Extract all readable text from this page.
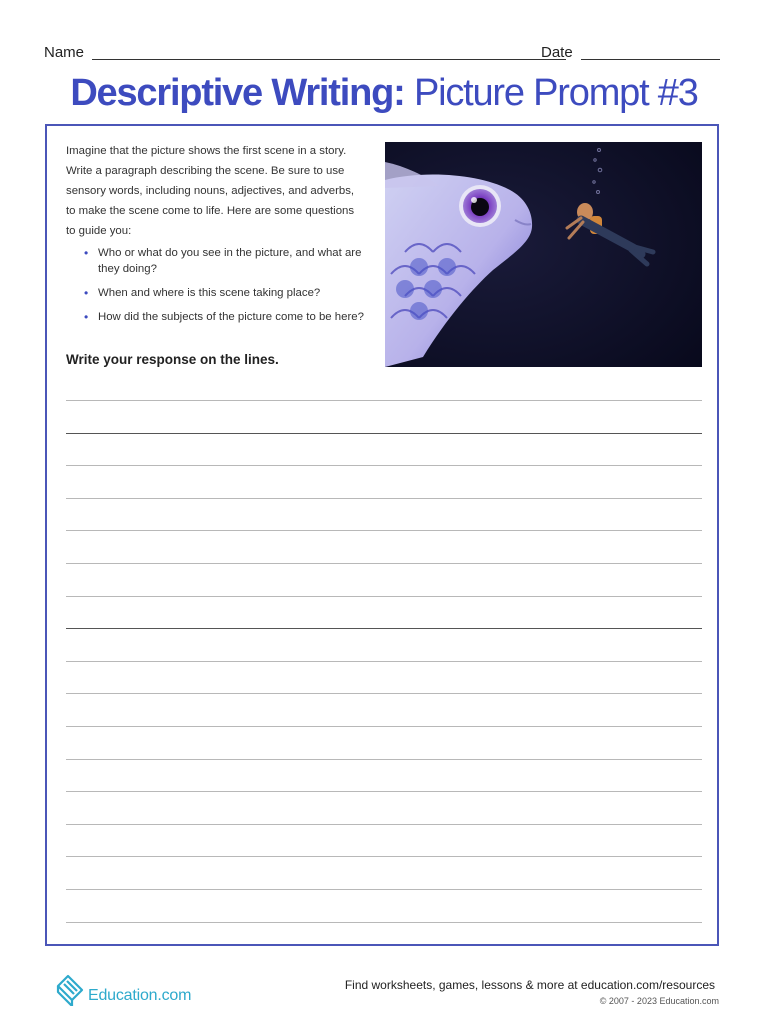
Name	Date
Descriptive Writing: Picture Prompt #3
Imagine that the picture shows the first scene in a story. Write a paragraph describing the scene. Be sure to use sensory words, including nouns, adjectives, and adverbs, to make the scene come to life. Here are some questions to guide you:
• Who or what do you see in the picture, and what are they doing?
• When and where is this scene taking place?
• How did the subjects of the picture come to be here?
Write your response on the lines.
Education.com
Find worksheets, games, lessons & more at education.com/resources
© 2007 - 2023 Education.com
